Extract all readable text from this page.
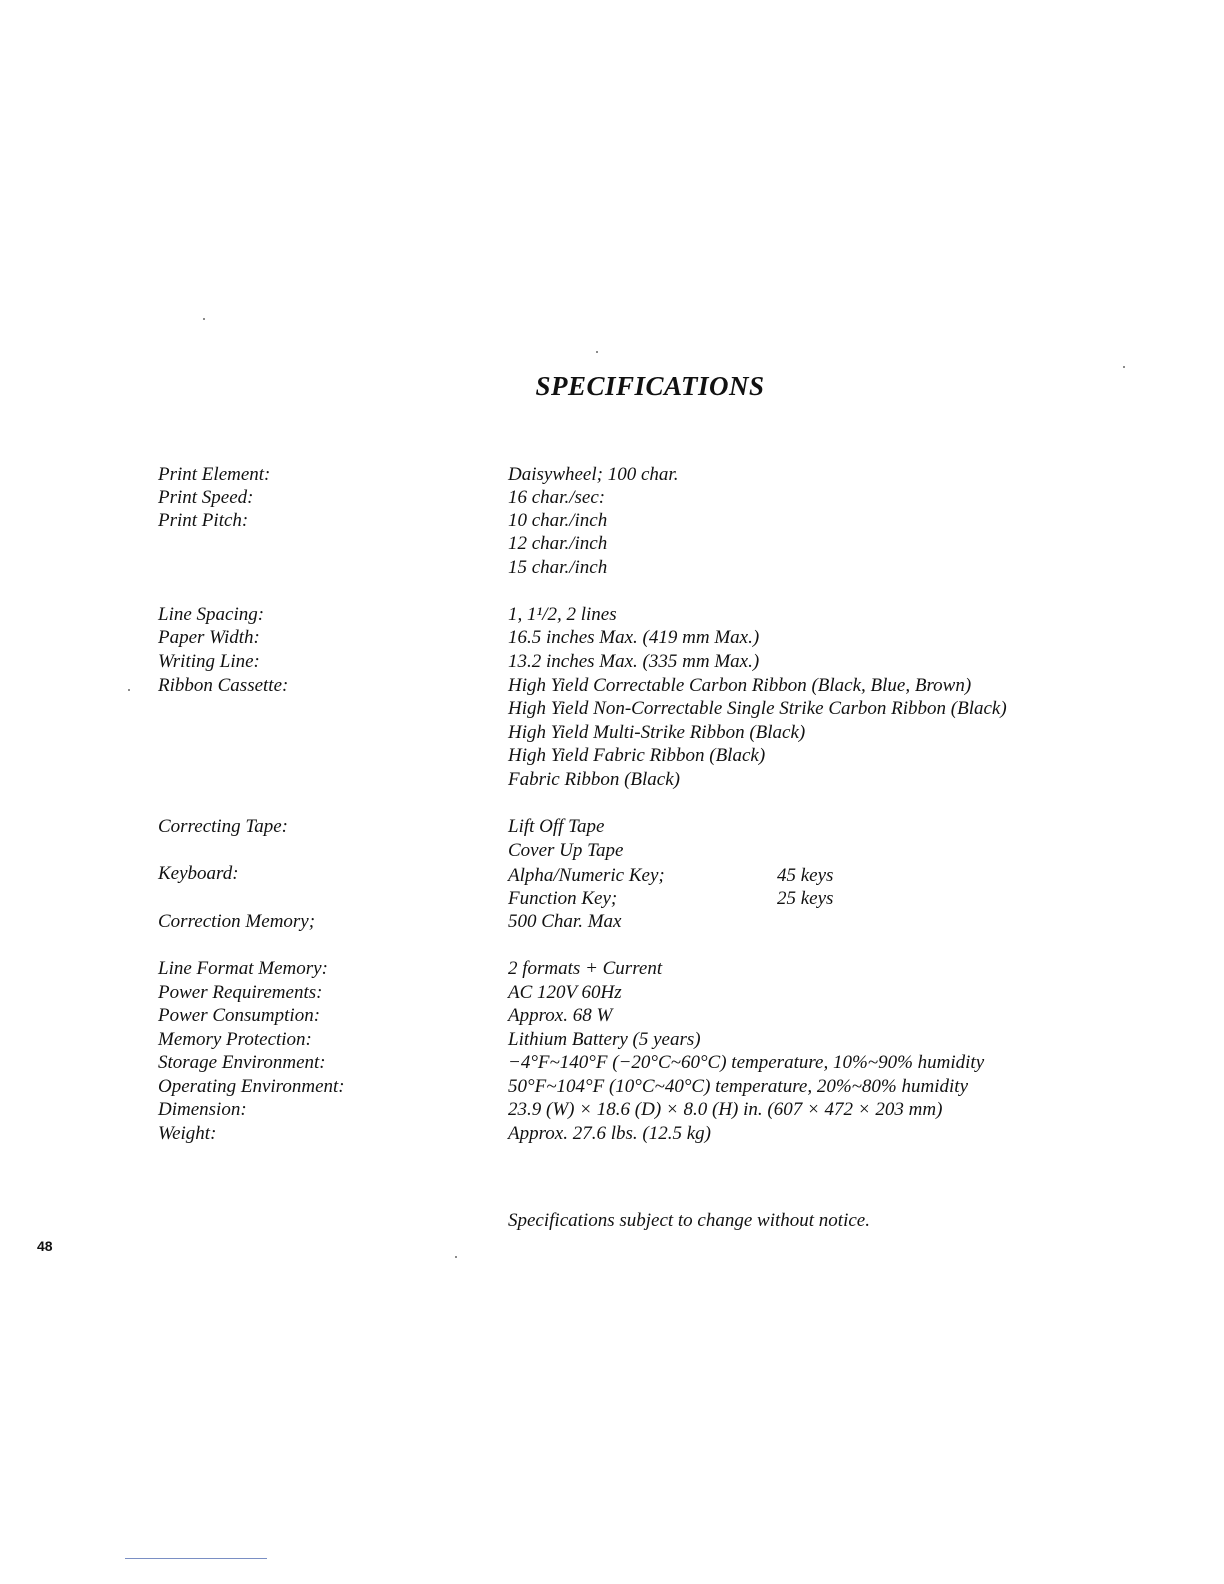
SPECIFICATIONS
Print Element:	Daisywheel; 100 char.
Print Speed:	16 char./sec:
Print Pitch:	10 char./inch
12 char./inch
15 char./inch
Line Spacing:	1, 1¹/2, 2 lines
Paper Width:	16.5 inches Max. (419 mm Max.)
Writing Line:	13.2 inches Max. (335 mm Max.)
Ribbon Cassette:	High Yield Correctable Carbon Ribbon (Black, Blue, Brown)
High Yield Non-Correctable Single Strike Carbon Ribbon (Black)
High Yield Multi-Strike Ribbon (Black)
High Yield Fabric Ribbon (Black)
Fabric Ribbon (Black)
Correcting Tape:	Lift Off Tape
Cover Up Tape
Keyboard:	Alpha/Numeric Key;	45 keys
Function Key;	25 keys
Correction Memory;	500 Char. Max
Line Format Memory:	2 formats + Current
Power Requirements:	AC 120V 60Hz
Power Consumption:	Approx. 68 W
Memory Protection:	Lithium Battery (5 years)
Storage Environment:	−4°F~140°F (−20°C~60°C) temperature, 10%~90% humidity
Operating Environment:	50°F~104°F (10°C~40°C) temperature, 20%~80% humidity
Dimension:	23.9 (W) × 18.6 (D) × 8.0 (H) in. (607 × 472 × 203 mm)
Weight:	Approx. 27.6 lbs. (12.5 kg)
Specifications subject to change without notice.
48
